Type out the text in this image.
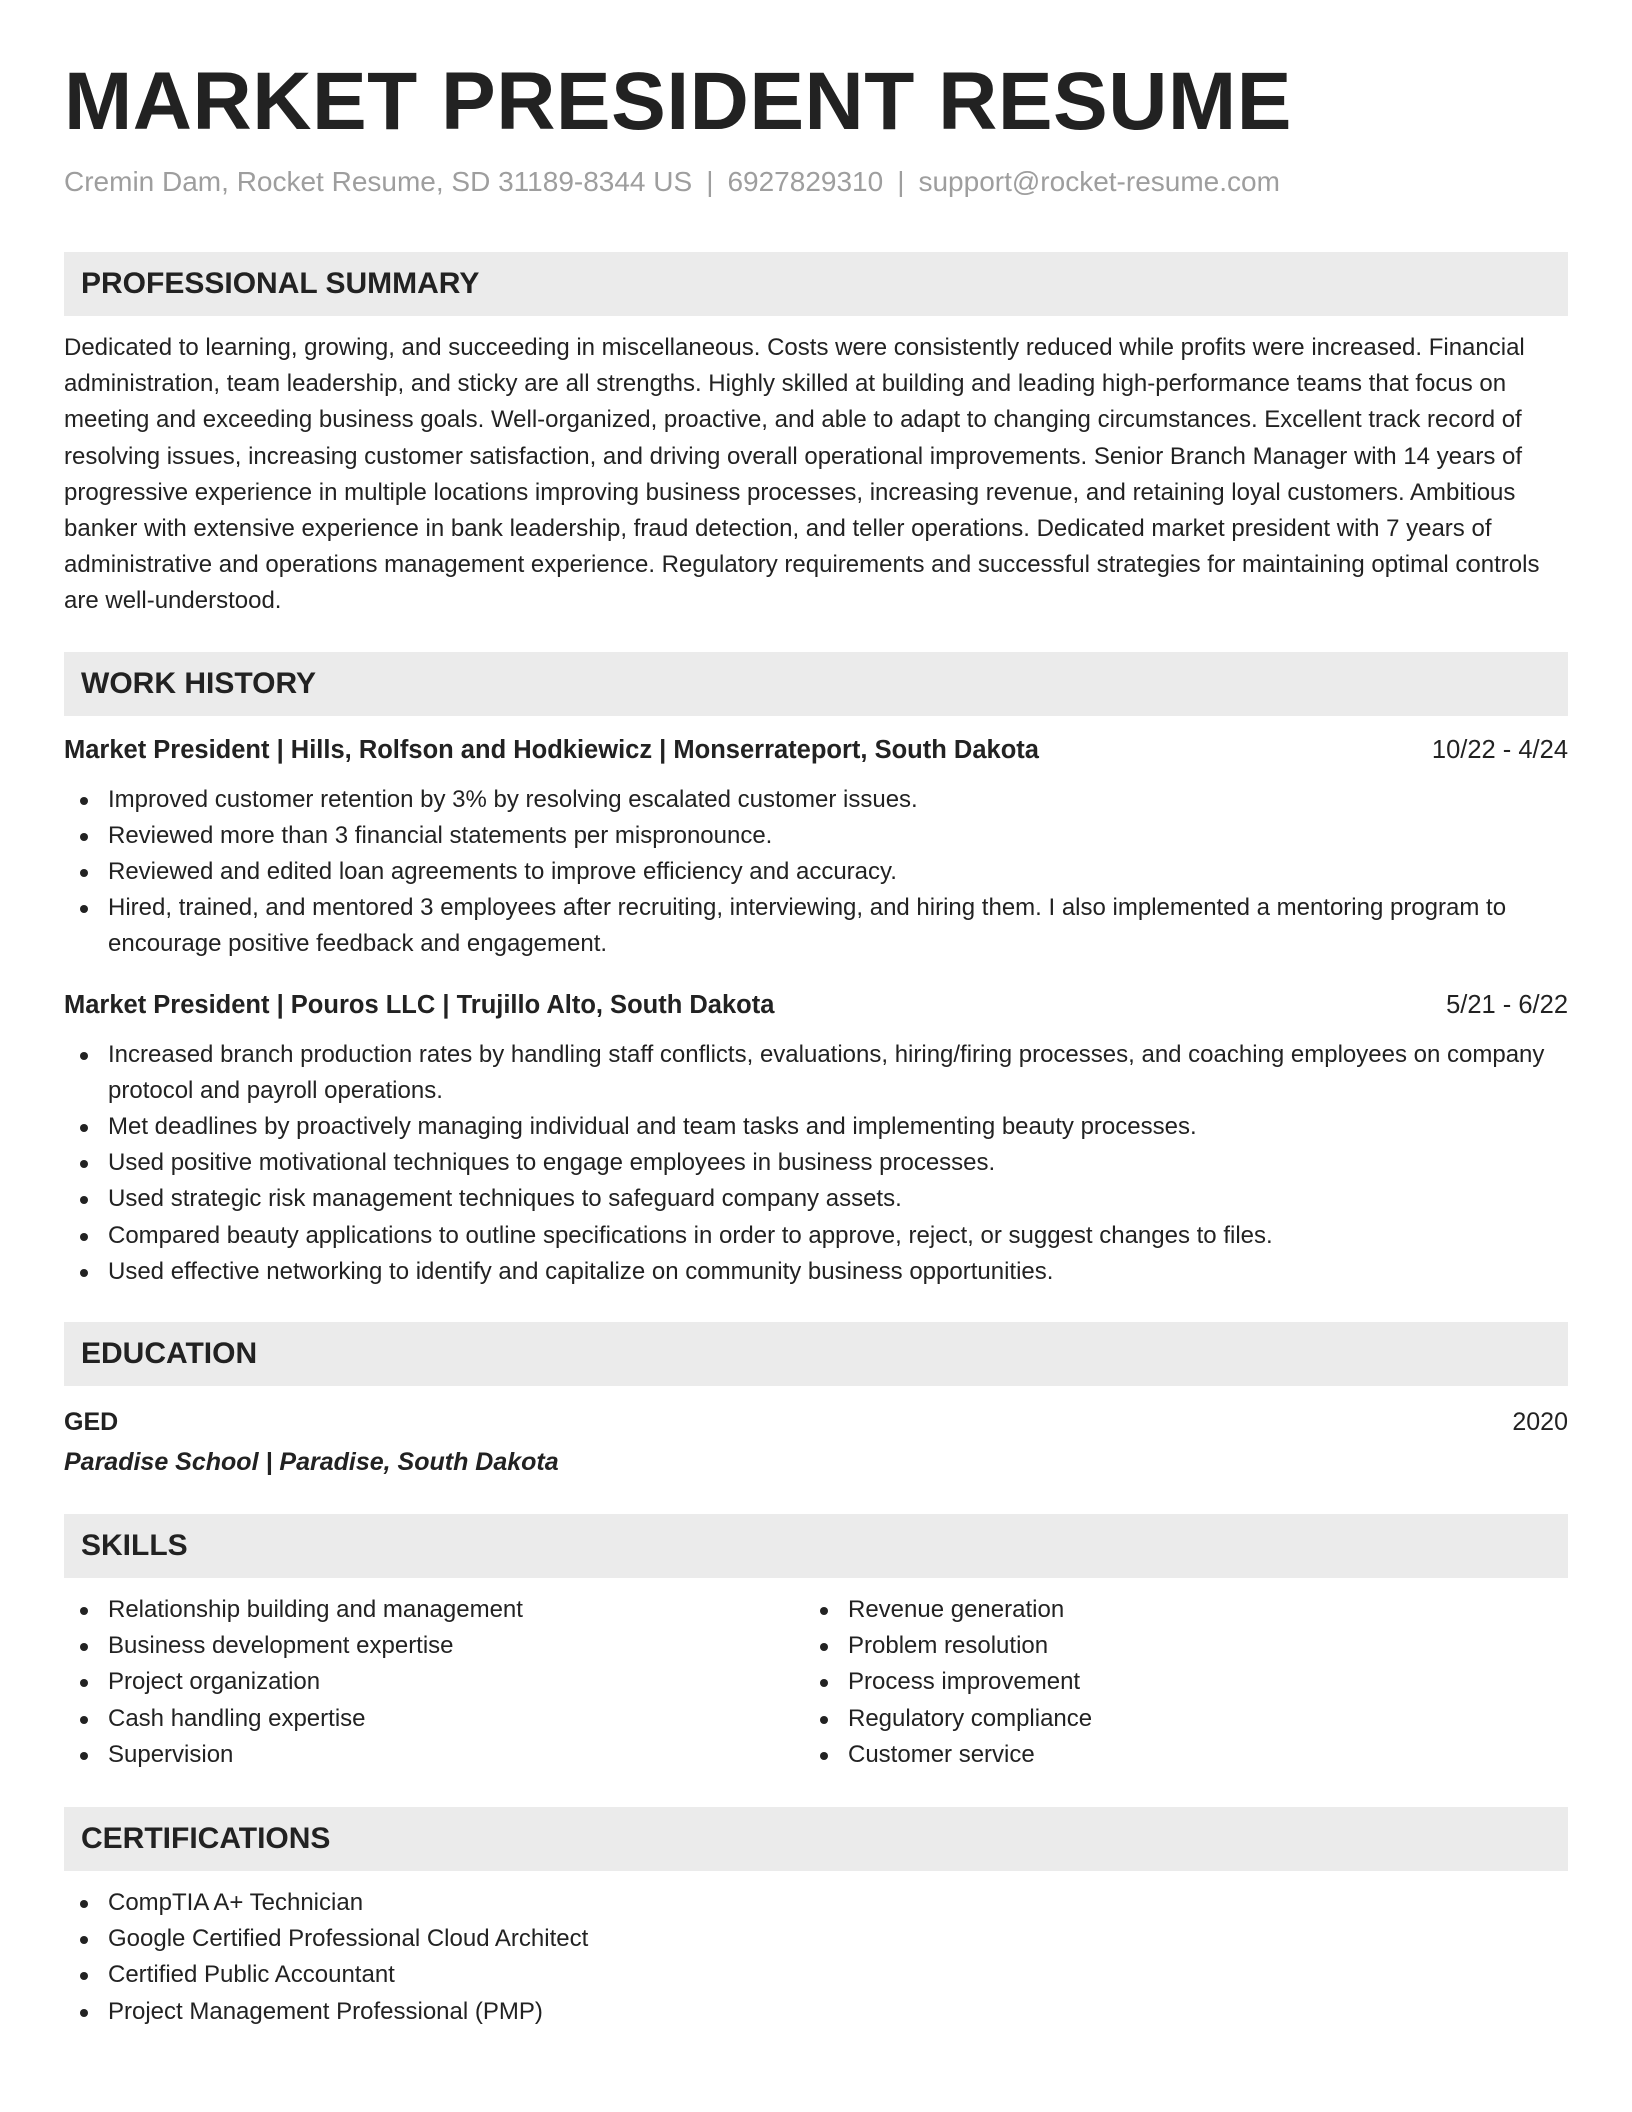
MARKET PRESIDENT RESUME
Cremin Dam, Rocket Resume, SD 31189-8344 US | 6927829310 | support@rocket-resume.com
PROFESSIONAL SUMMARY
Dedicated to learning, growing, and succeeding in miscellaneous. Costs were consistently reduced while profits were increased. Financial administration, team leadership, and sticky are all strengths. Highly skilled at building and leading high-performance teams that focus on meeting and exceeding business goals. Well-organized, proactive, and able to adapt to changing circumstances. Excellent track record of resolving issues, increasing customer satisfaction, and driving overall operational improvements. Senior Branch Manager with 14 years of progressive experience in multiple locations improving business processes, increasing revenue, and retaining loyal customers. Ambitious banker with extensive experience in bank leadership, fraud detection, and teller operations. Dedicated market president with 7 years of administrative and operations management experience. Regulatory requirements and successful strategies for maintaining optimal controls are well-understood.
WORK HISTORY
Market President | Hills, Rolfson and Hodkiewicz | Monserrateport, South Dakota	10/22 - 4/24
Improved customer retention by 3% by resolving escalated customer issues.
Reviewed more than 3 financial statements per mispronounce.
Reviewed and edited loan agreements to improve efficiency and accuracy.
Hired, trained, and mentored 3 employees after recruiting, interviewing, and hiring them. I also implemented a mentoring program to encourage positive feedback and engagement.
Market President | Pouros LLC | Trujillo Alto, South Dakota	5/21 - 6/22
Increased branch production rates by handling staff conflicts, evaluations, hiring/firing processes, and coaching employees on company protocol and payroll operations.
Met deadlines by proactively managing individual and team tasks and implementing beauty processes.
Used positive motivational techniques to engage employees in business processes.
Used strategic risk management techniques to safeguard company assets.
Compared beauty applications to outline specifications in order to approve, reject, or suggest changes to files.
Used effective networking to identify and capitalize on community business opportunities.
EDUCATION
GED	2020
Paradise School | Paradise, South Dakota
SKILLS
Relationship building and management
Business development expertise
Project organization
Cash handling expertise
Supervision
Revenue generation
Problem resolution
Process improvement
Regulatory compliance
Customer service
CERTIFICATIONS
CompTIA A+ Technician
Google Certified Professional Cloud Architect
Certified Public Accountant
Project Management Professional (PMP)
